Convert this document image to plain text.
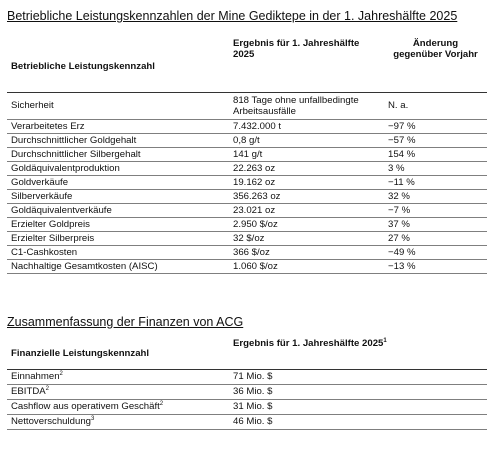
Betriebliche Leistungskennzahlen der Mine Gediktepe in der 1. Jahreshälfte 2025
Betriebliche Leistungskennzahl	Ergebnis für 1. Jahreshälfte 2025	Änderung gegenüber Vorjahr
Sicherheit	818 Tage ohne unfallbedingte Arbeitsausfälle	N. a.
Verarbeitetes Erz	7.432.000 t	−97 %
Durchschnittlicher Goldgehalt	0,8 g/t	−57 %
Durchschnittlicher Silbergehalt	141 g/t	154 %
Goldäquivalentproduktion	22.263 oz	3 %
Goldverkäufe	19.162 oz	−11 %
Silberverkäufe	356.263 oz	32 %
Goldäquivalentverkäufe	23.021 oz	−7 %
Erzielter Goldpreis	2.950 $/oz	37 %
Erzielter Silberpreis	32 $/oz	27 %
C1-Cashkosten	366 $/oz	−49 %
Nachhaltige Gesamtkosten (AISC)	1.060 $/oz	−13 %
Zusammenfassung der Finanzen von ACG
Finanzielle Leistungskennzahl	Ergebnis für 1. Jahreshälfte 2025$^1$
Einnahmen$^2$	71 Mio. $
EBITDA$^2$	36 Mio. $
Cashflow aus operativem Geschäft$^2$	31 Mio. $
Nettoverschuldung$^3$	46 Mio. $
